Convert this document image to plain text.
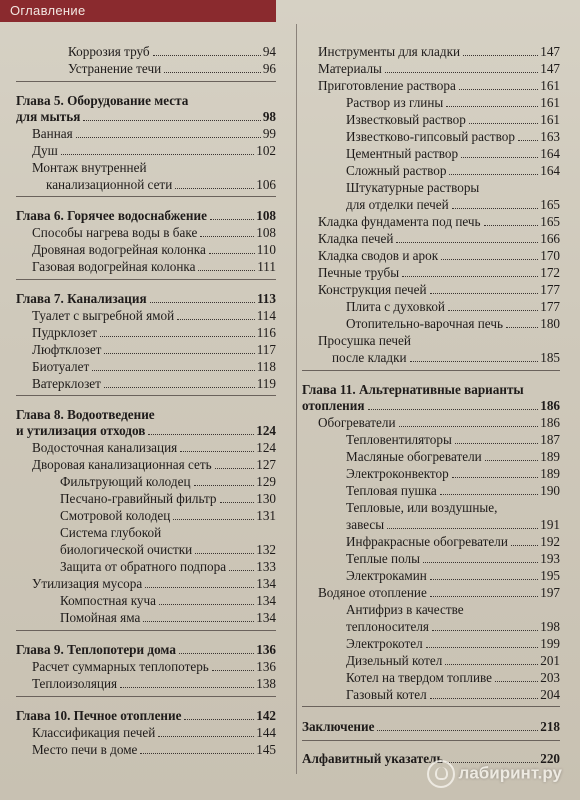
Оглавление
Коррозия труб	94
Устранение течи	96
Глава 5. Оборудование места
для мытья	98
Ванная	99
Душ	102
Монтаж внутренней
канализационной сети	106
Глава 6. Горячее водоснабжение	108
Способы нагрева воды в баке	108
Дровяная водогрейная колонка	110
Газовая водогрейная колонка	111
Глава 7. Канализация	113
Туалет с выгребной ямой	114
Пудрклозет	116
Люфтклозет	117
Биотуалет	118
Ватерклозет	119
Глава 8. Водоотведение
и утилизация отходов	124
Водосточная канализация	124
Дворовая канализационная сеть	127
Фильтрующий колодец	129
Песчано-гравийный фильтр	130
Смотровой колодец	131
Система глубокой
биологической очистки	132
Защита от обратного подпора 133
Утилизация мусора	134
Компостная куча	134
Помойная яма	134
Глава 9. Теплопотери дома	136
Расчет суммарных теплопотерь	136
Теплоизоляция	138
Глава 10. Печное отопление	142
Классификация печей	144
Место печи в доме	145
Инструменты для кладки	147
Материалы	147
Приготовление раствора	161
Раствор из глины	161
Известковый раствор	161
Известково-гипсовый раствор 163
Цементный раствор	164
Сложный раствор	164
Штукатурные растворы
для отделки печей	165
Кладка фундамента под печь	165
Кладка печей	166
Кладка сводов и арок	170
Печные трубы	172
Конструкция печей	177
Плита с духовкой	177
Отопительно-варочная печь	180
Просушка печей
после кладки	185
Глава 11. Альтернативные варианты
отопления	186
Обогреватели	186
Тепловентиляторы	187
Масляные обогреватели	189
Электроконвектор	189
Тепловая пушка	190
Тепловые, или воздушные,
завесы	191
Инфракрасные обогреватели 192
Теплые полы	193
Электрокамин	195
Водяное отопление	197
Антифриз в качестве
теплоносителя	198
Электрокотел	199
Дизельный котел	201
Котел на твердом топливе	203
Газовый котел	204
Заключение	218
Алфавитный указатель	220
лабиринт.ру
